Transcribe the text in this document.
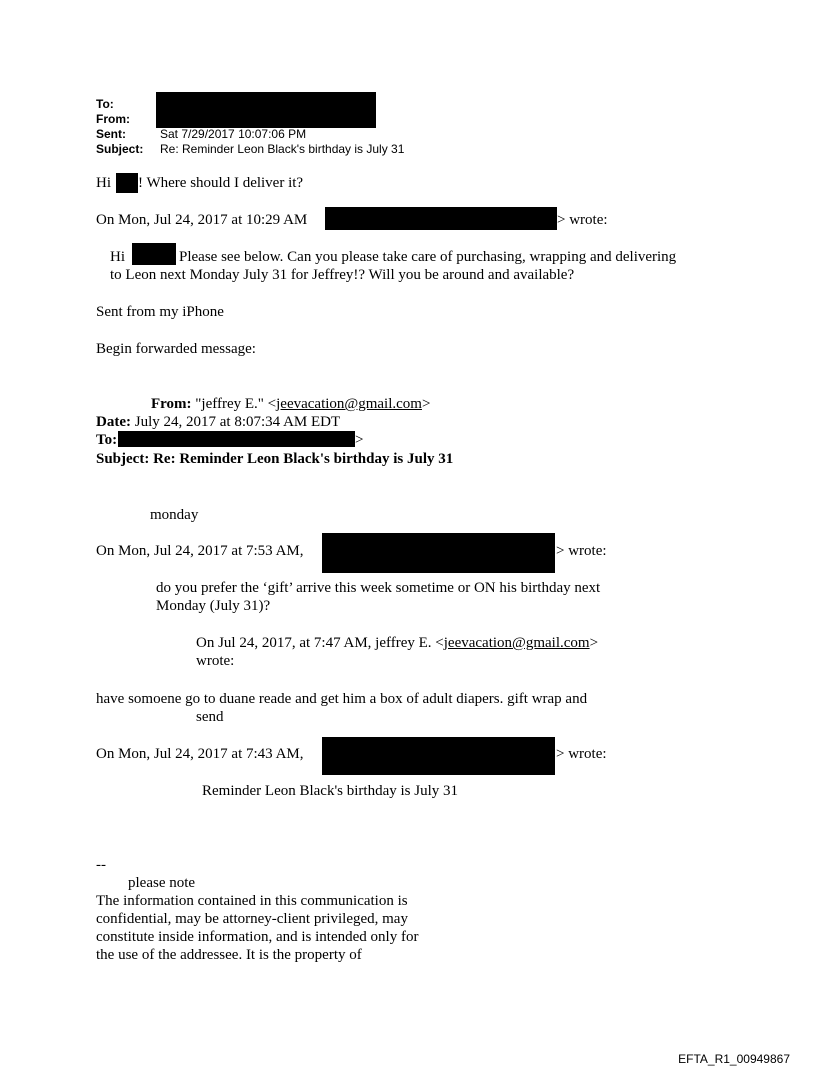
To:
From:
Sent:	Sat 7/29/2017 10:07:06 PM
Subject: Re: Reminder Leon Black's birthday is July 31
Hi ! Where should I deliver it?
On Mon, Jul 24, 2017 at 10:29 AM	> wrote:
Hi	Please see below. Can you please take care of purchasing, wrapping and delivering
to Leon next Monday July 31 for Jeffrey!? Will you be around and available?
Sent from my iPhone
Begin forwarded message:
From: "jeffrey E." <jeevacation@gmail.com>
Date: July 24, 2017 at 8:07:34 AM EDT
To:	>
Subject: Re: Reminder Leon Black's birthday is July 31
monday
On Mon, Jul 24, 2017 at 7:53 AM,	> wrote:
do you prefer the ‘gift’ arrive this week sometime or ON his birthday next
Monday (July 31)?
On Jul 24, 2017, at 7:47 AM, jeffrey E. <jeevacation@gmail.com>
wrote:
have somoene go to duane reade and get him a box of adult diapers. gift wrap and
send
On Mon, Jul 24, 2017 at 7:43 AM,	> wrote:
Reminder Leon Black's birthday is July 31
--
please note
The information contained in this communication is
confidential, may be attorney-client privileged, may
constitute inside information, and is intended only for
the use of the addressee. It is the property of
EFTA_R1_00949867
